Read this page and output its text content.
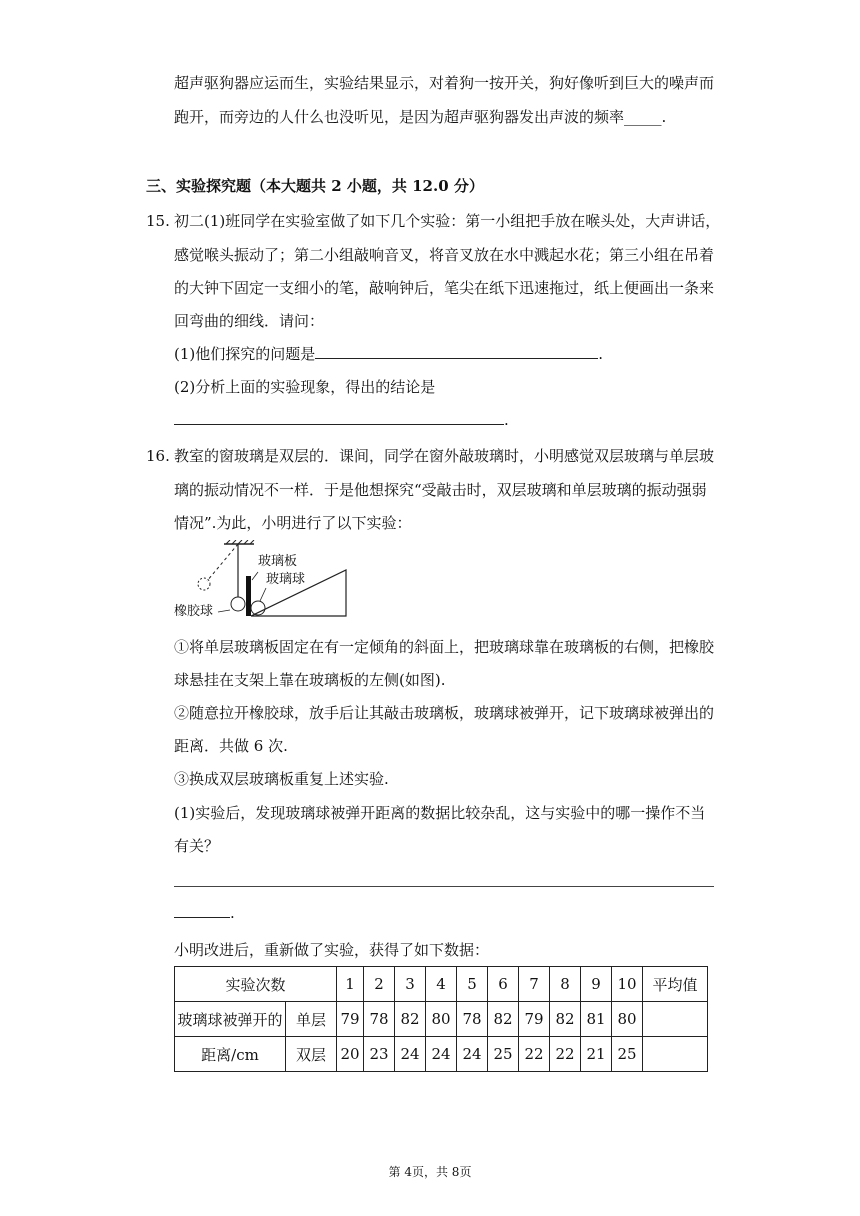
超声驱狗器应运而生，实验结果显示，对着狗一按开关，狗好像听到巨大的噪声而
跑开，而旁边的人什么也没听见，是因为超声驱狗器发出声波的频率_____.
三、实验探究题（本大题共 2 小题，共 12.0 分）
15. 初二(1)班同学在实验室做了如下几个实验：第一小组把手放在喉头处，大声讲话，
感觉喉头振动了；第二小组敲响音叉，将音叉放在水中溅起水花；第三小组在吊着
的大钟下固定一支细小的笔，敲响钟后，笔尖在纸下迅速拖过，纸上便画出一条来
回弯曲的细线．请问：
(1)他们探究的问题是	.
(2)分析上面的实验现象，得出的结论是
.
16. 教室的窗玻璃是双层的．课间，同学在窗外敲玻璃时，小明感觉双层玻璃与单层玻
璃的振动情况不一样．于是他想探究“受敲击时，双层玻璃和单层玻璃的振动强弱
情况”.为此，小明进行了以下实验：
玻璃板
玻璃球
橡胶球
①将单层玻璃板固定在有一定倾角的斜面上，把玻璃球靠在玻璃板的右侧，把橡胶
球悬挂在支架上靠在玻璃板的左侧(如图).
②随意拉开橡胶球，放手后让其敲击玻璃板，玻璃球被弹开，记下玻璃球被弹出的
距离．共做 6 次.
③换成双层玻璃板重复上述实验.
(1)实验后，发现玻璃球被弹开距离的数据比较杂乱，这与实验中的哪一操作不当
有关？
.
小明改进后，重新做了实验，获得了如下数据：
实验次数		1	2	3	4	5	6	7	8	9	10	平均值
玻璃球被弹开的	单层	79	78	82	80	78	82	79	82	81	80	
距离/cm	双层	20	23	24	24	24	25	22	22	21	25	
第 4页，共 8页
